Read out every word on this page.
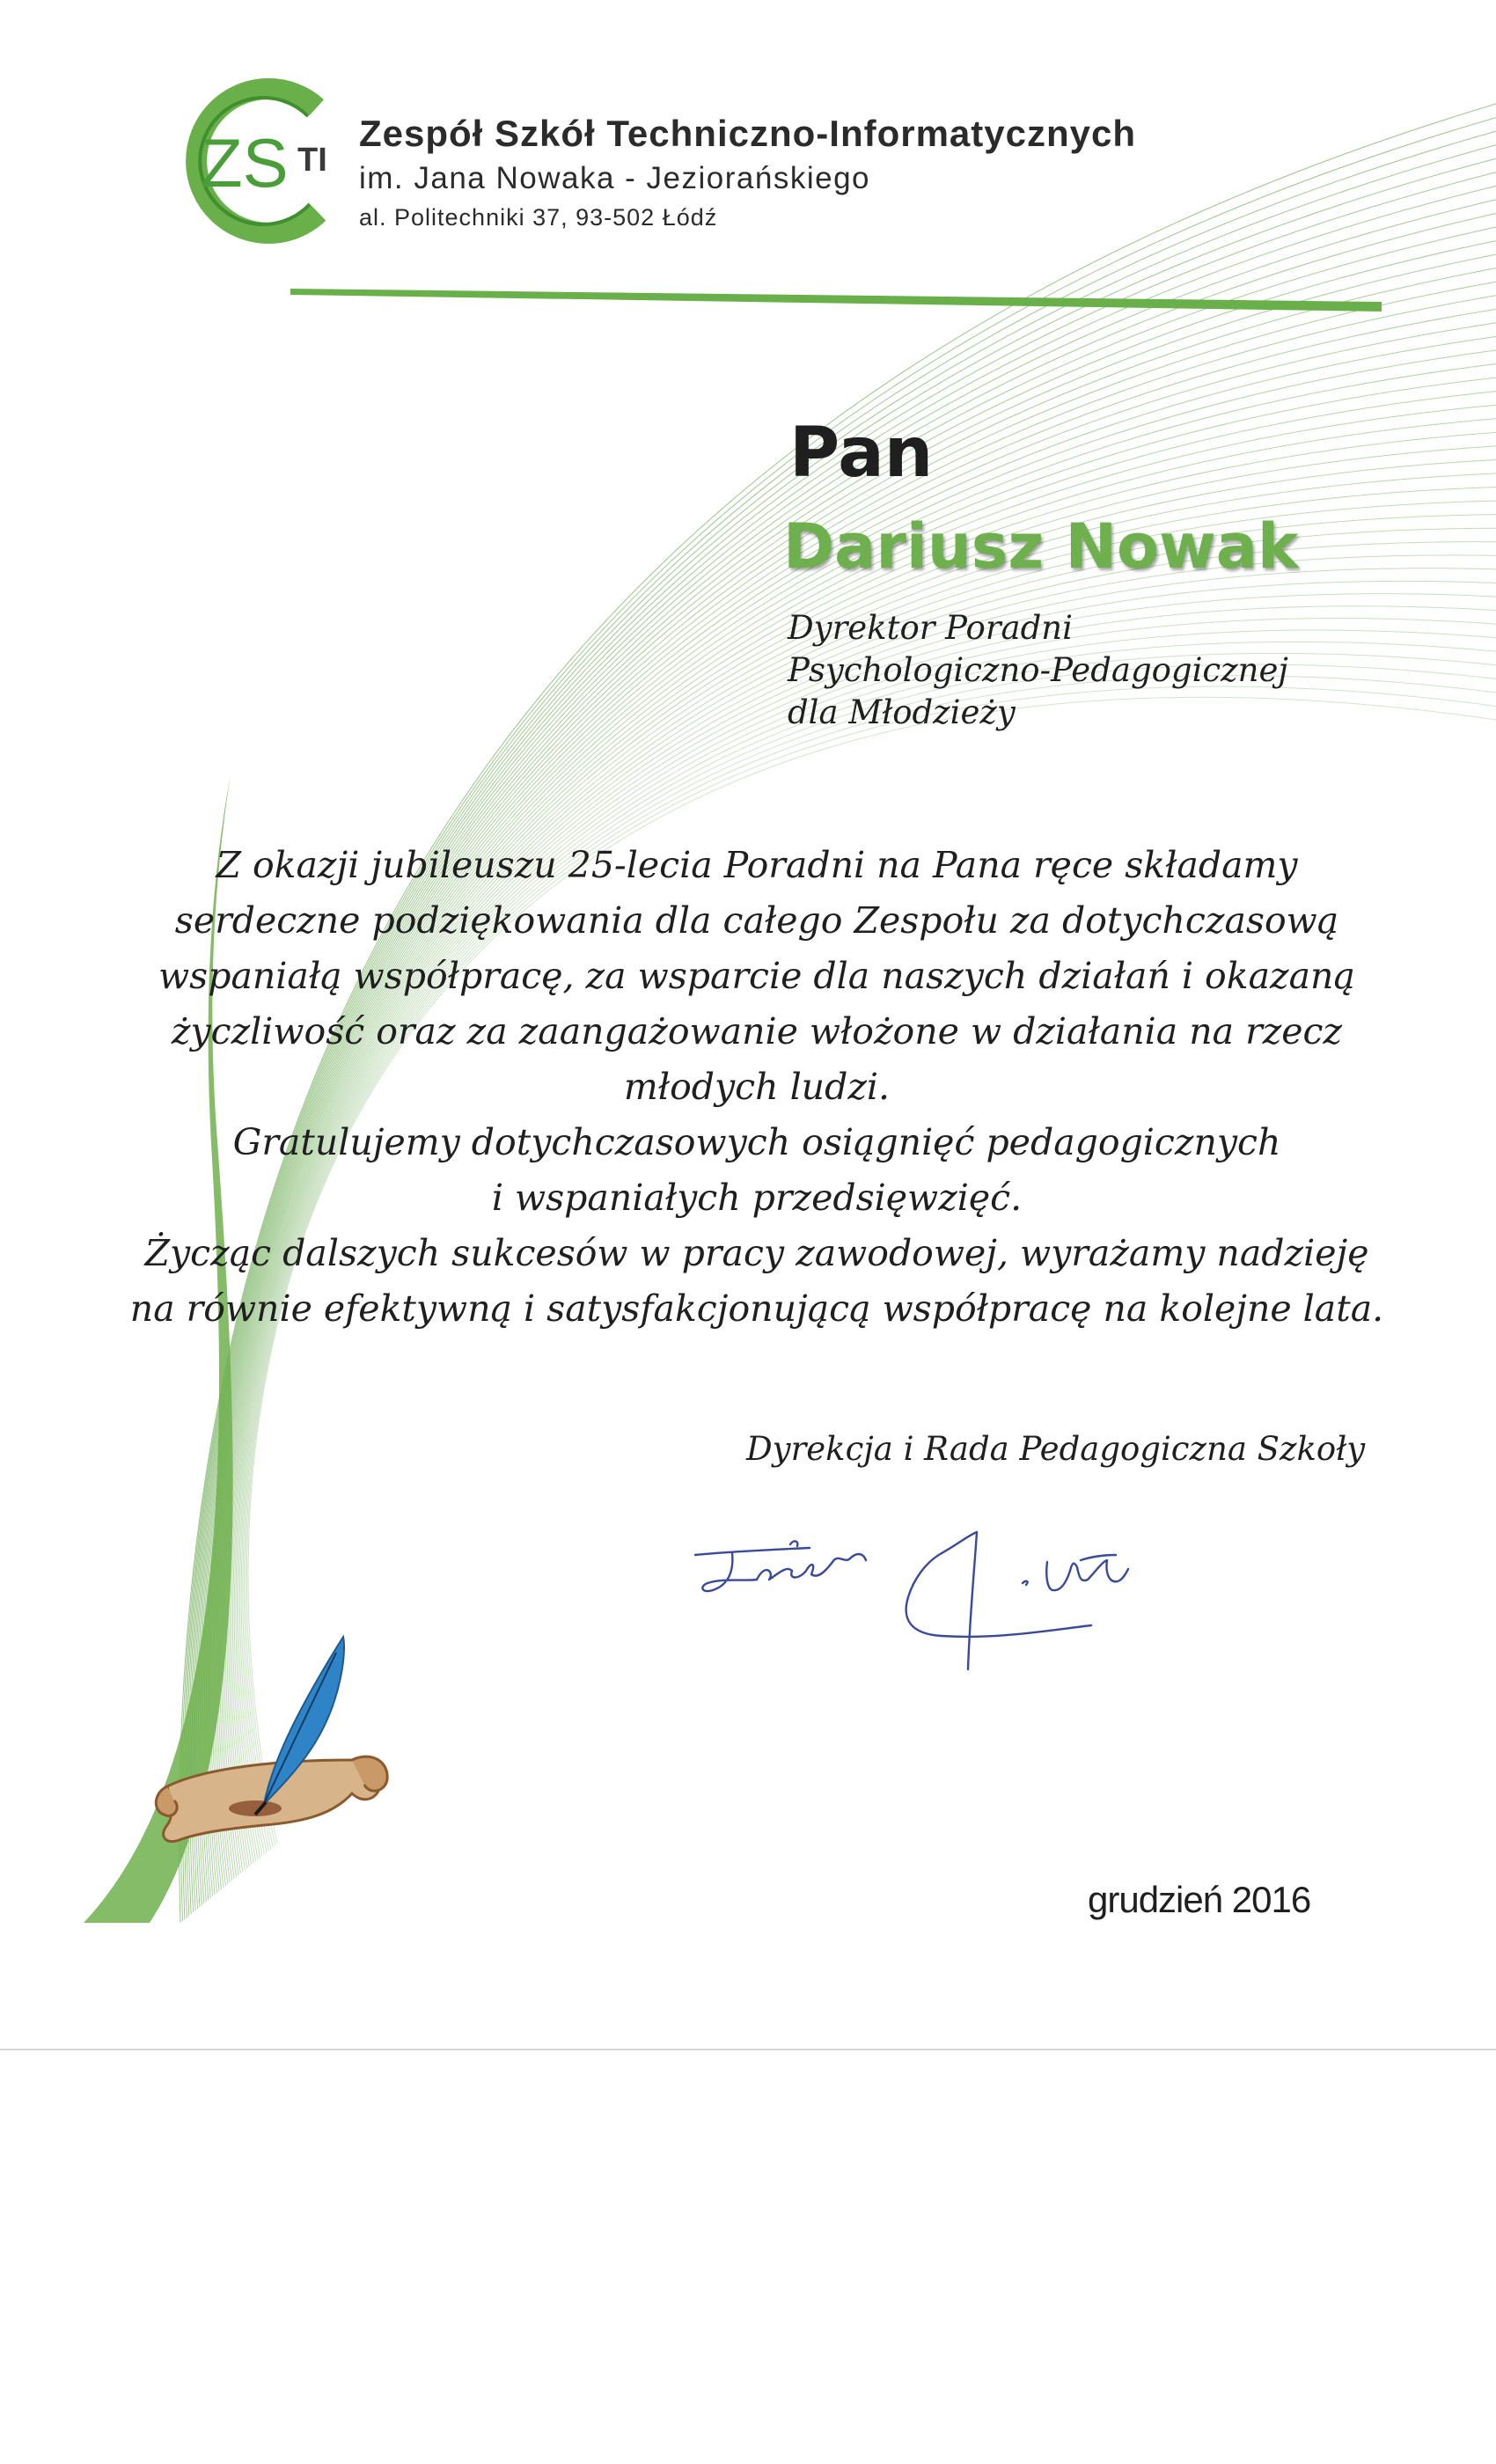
ZS TI
Zespół Szkół Techniczno-Informatycznych
im. Jana Nowaka - Jeziorańskiego
al. Politechniki 37, 93-502 Łódź
Pan
Dariusz Nowak
Dyrektor Poradni
Psychologiczno-Pedagogicznej
dla Młodzieży
Z okazji jubileuszu 25-lecia Poradni na Pana ręce składamy
serdeczne podziękowania dla całego Zespołu za dotychczasową
wspaniałą współpracę, za wsparcie dla naszych działań i okazaną
życzliwość oraz za zaangażowanie włożone w działania na rzecz
młodych ludzi.
Gratulujemy dotychczasowych osiągnięć pedagogicznych
i wspaniałych przedsięwzięć.
Życząc dalszych sukcesów w pracy zawodowej, wyrażamy nadzieję
na równie efektywną i satysfakcjonującą współpracę na kolejne lata.
Dyrekcja i Rada Pedagogiczna Szkoły
grudzień 2016
